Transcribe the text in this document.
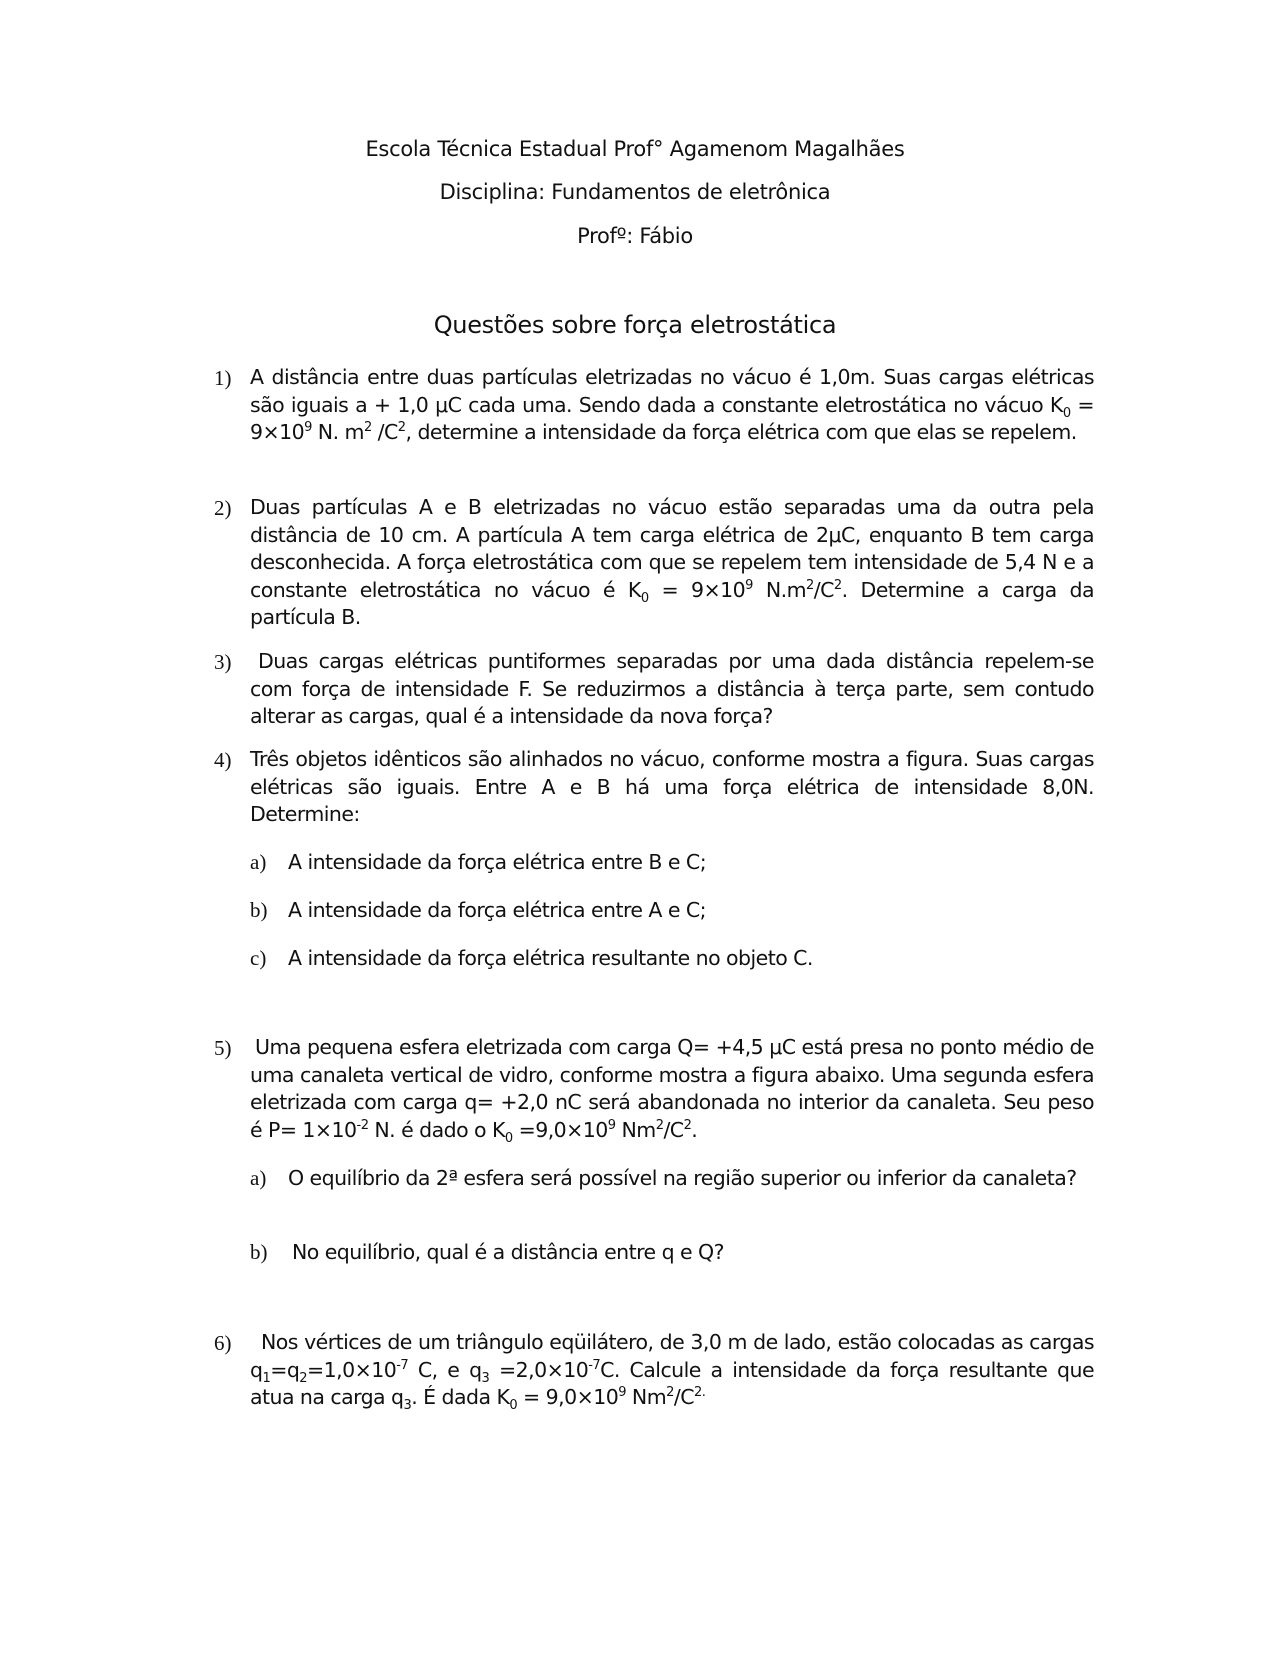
Escola Técnica Estadual Prof° Agamenom Magalhães
Disciplina: Fundamentos de eletrônica
Profº: Fábio
Questões sobre força eletrostática
1) A distância entre duas partículas eletrizadas no vácuo é 1,0m. Suas cargas elétricas são iguais a + 1,0 μC cada uma. Sendo dada a constante eletrostática no vácuo $K_0 = 9\times 10^9$ N. $m^2$ $/C^2$, determine a intensidade da força elétrica com que elas se repelem.
2) Duas partículas A e B eletrizadas no vácuo estão separadas uma da outra pela distância de 10 cm. A partícula A tem carga elétrica de 2μC, enquanto B tem carga desconhecida. A força eletrostática com que se repelem tem intensidade de 5,4 N e a constante eletrostática no vácuo é $K_0 = 9\times 10^9$ $N.m^2/C^2$. Determine a carga da partícula B.
3)	Duas cargas elétricas puntiformes separadas por uma dada distância repelem-se com força de intensidade F. Se reduzirmos a distância à terça parte, sem contudo alterar as cargas, qual é a intensidade da nova força?
4) Três objetos idênticos são alinhados no vácuo, conforme mostra a figura. Suas cargas elétricas são iguais. Entre A e B há uma força elétrica de intensidade 8,0N. Determine:
a)	A intensidade da força elétrica entre B e C;
b)	A intensidade da força elétrica entre A e C;
c)	A intensidade da força elétrica resultante no objeto C.
5)	Uma pequena esfera eletrizada com carga Q= +4,5 μC está presa no ponto médio de uma canaleta vertical de vidro, conforme mostra a figura abaixo. Uma segunda esfera eletrizada com carga q= +2,0 nC será abandonada no interior da canaleta. Seu peso é $P= 1\times 10^{-2}$ N. é dado o $K_0 =9,0\times 10^9$ $Nm^2/C^2$.
a)	O equilíbrio da 2ª esfera será possível na região superior ou inferior da canaleta?
b)	No equilíbrio, qual é a distância entre q e Q?
6)	Nos vértices de um triângulo eqüilátero, de 3,0 m de lado, estão colocadas as cargas $q_1=q_2=1,0\times 10^{-7}$ C, e $q_3 =2,0\times 10^{-7}C$. Calcule a intensidade da força resultante que atua na carga $q_3$. É dada $K_0 = 9,0\times 10^9$ $Nm^2/C^{2.}$
